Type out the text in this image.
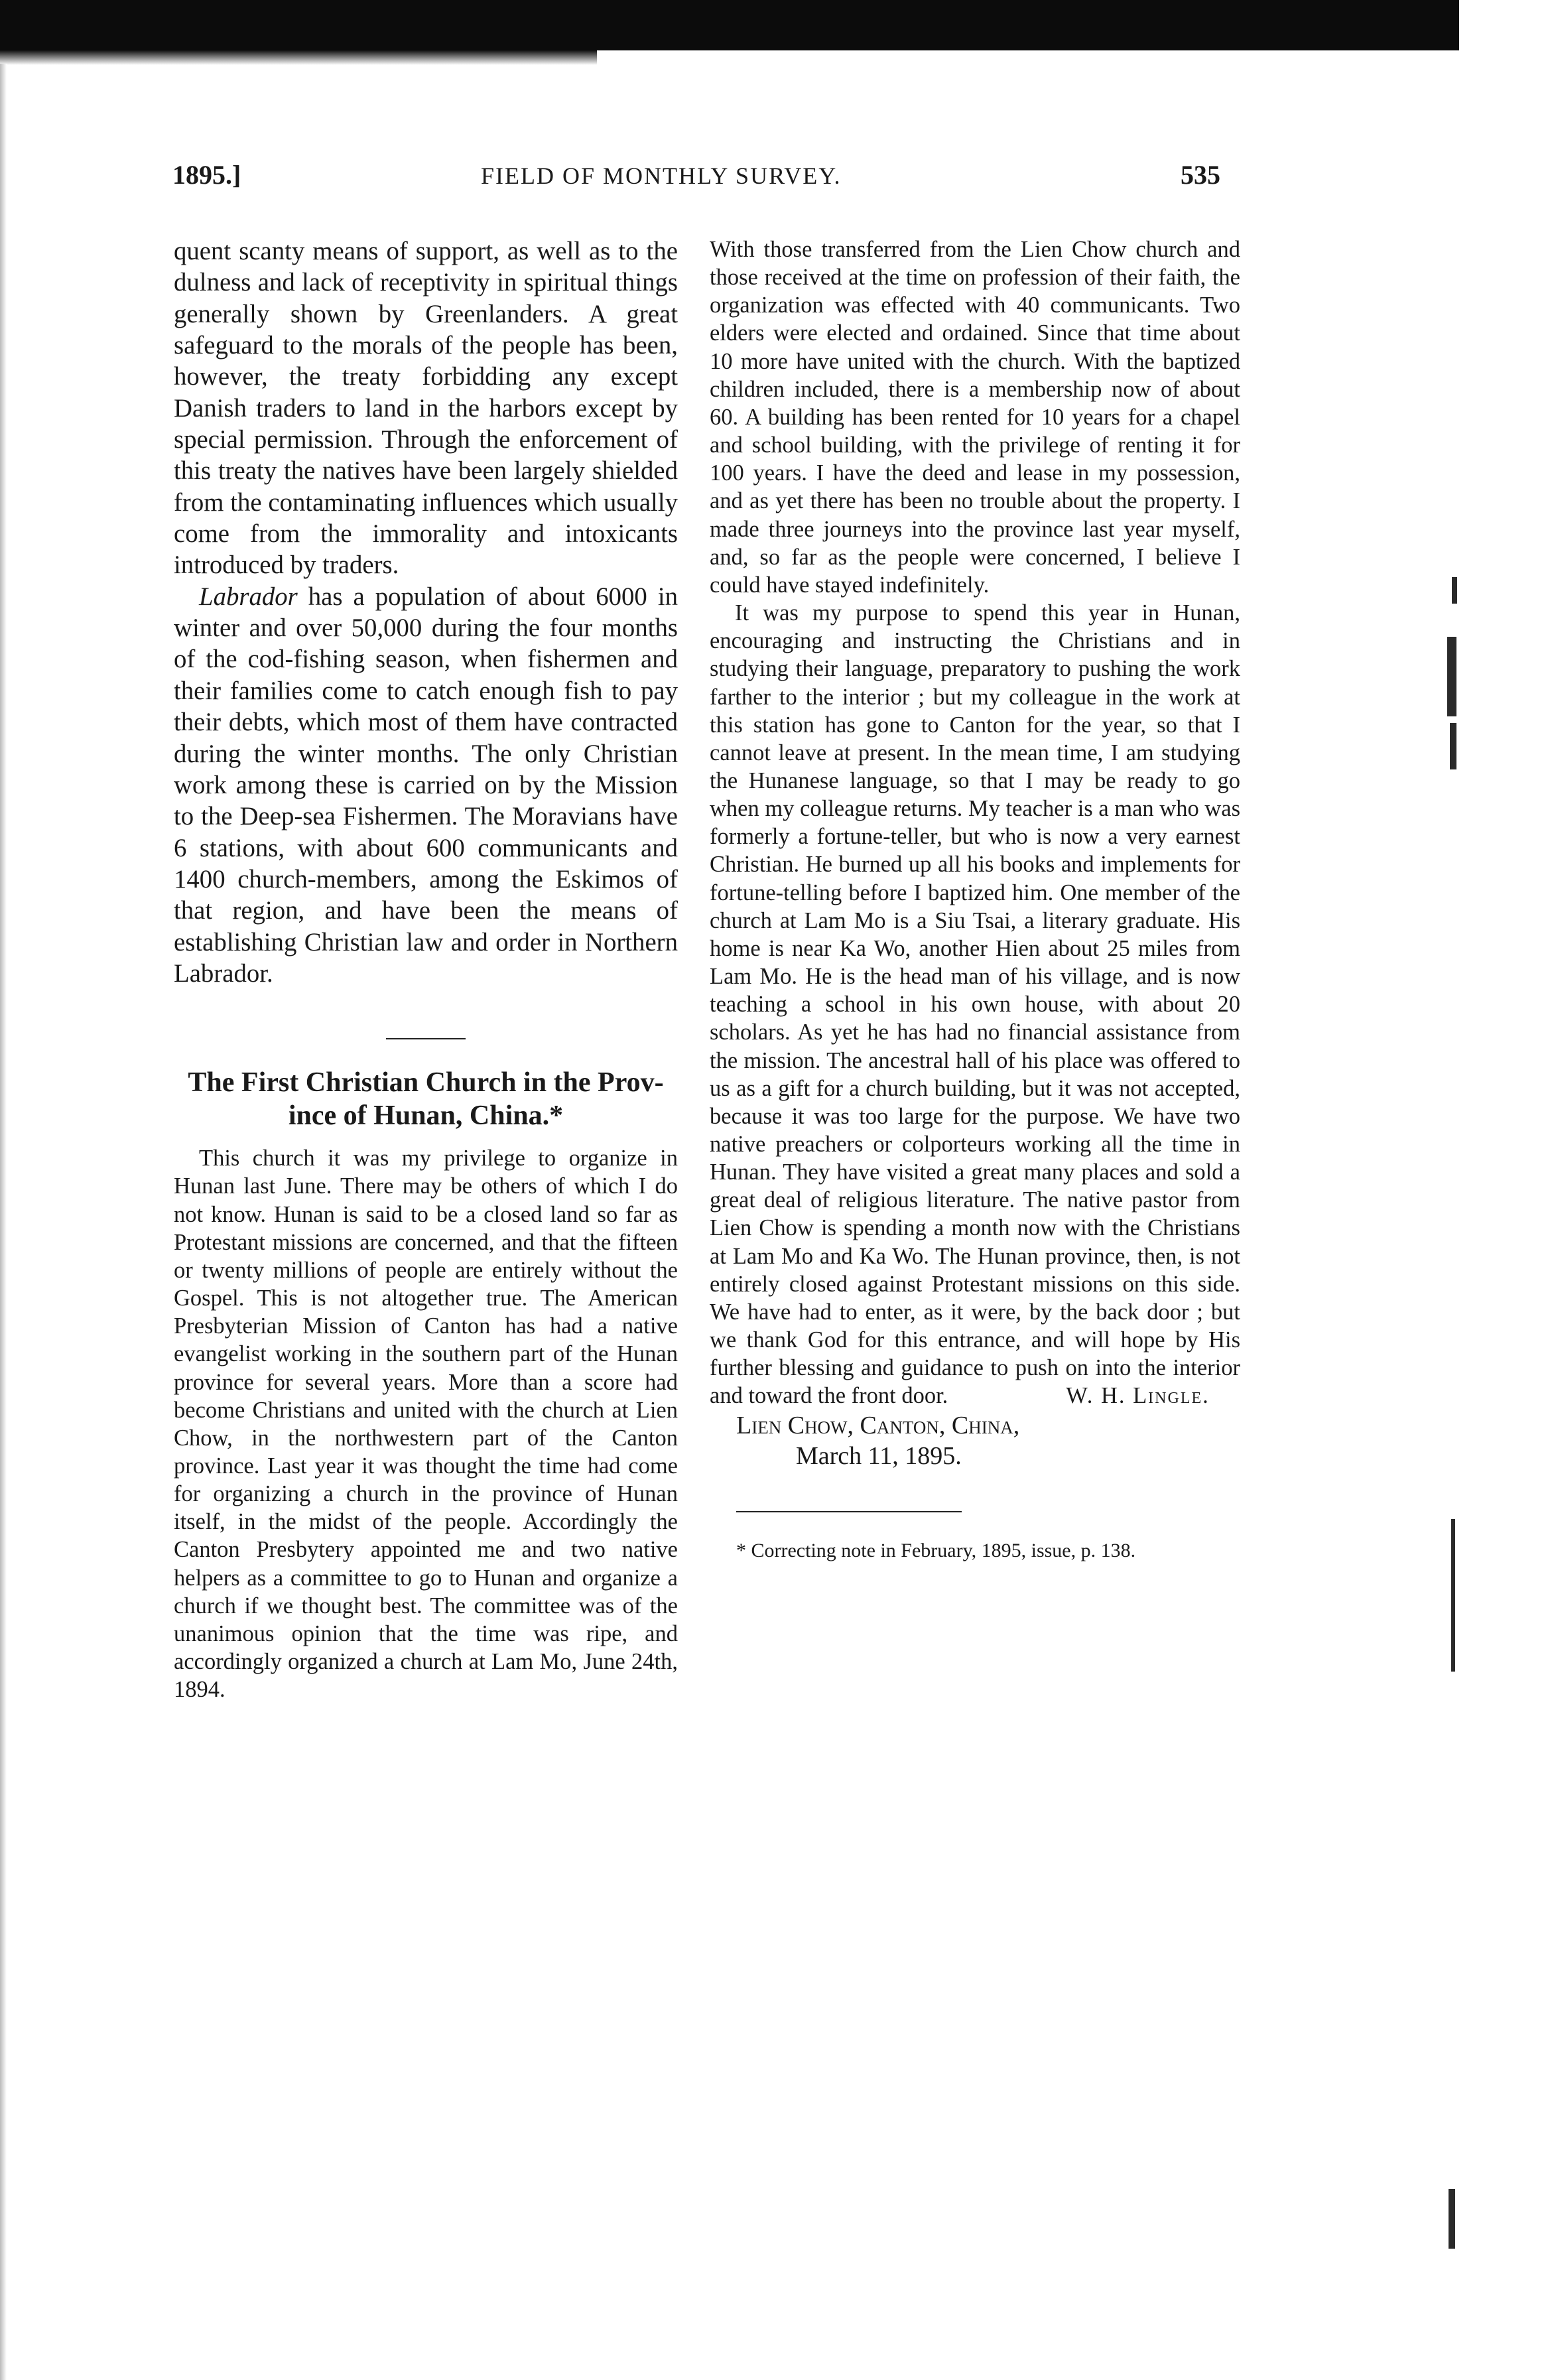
1895.]	FIELD OF MONTHLY SURVEY.	535

quent scanty means of support, as well as to the dulness and lack of receptivity in spiritual things generally shown by Greenlanders. A great safeguard to the morals of the people has been, however, the treaty forbidding any except Danish traders to land in the harbors except by special permission. Through the enforcement of this treaty the natives have been largely shielded from the contaminating influences which usually come from the immorality and intoxicants introduced by traders.

Labrador has a population of about 6000 in winter and over 50,000 during the four months of the cod-fishing season, when fishermen and their families come to catch enough fish to pay their debts, which most of them have contracted during the winter months. The only Christian work among these is carried on by the Mission to the Deep-sea Fishermen. The Moravians have 6 stations, with about 600 communicants and 1400 church-members, among the Eskimos of that region, and have been the means of establishing Christian law and order in Northern Labrador.

The First Christian Church in the Prov-
ince of Hunan, China.*

This church it was my privilege to organize in Hunan last June. There may be others of which I do not know. Hunan is said to be a closed land so far as Protestant missions are concerned, and that the fifteen or twenty millions of people are entirely without the Gospel. This is not altogether true. The American Presbyterian Mission of Canton has had a native evangelist working in the southern part of the Hunan province for several years. More than a score had become Christians and united with the church at Lien Chow, in the northwestern part of the Canton province. Last year it was thought the time had come for organizing a church in the province of Hunan itself, in the midst of the people. Accordingly the Canton Presbytery appointed me and two native helpers as a committee to go to Hunan and organize a church if we thought best. The committee was of the unanimous opinion that the time was ripe, and accordingly organized a church at Lam Mo, June 24th, 1894.

With those transferred from the Lien Chow church and those received at the time on profession of their faith, the organization was effected with 40 communicants. Two elders were elected and ordained. Since that time about 10 more have united with the church. With the baptized children included, there is a membership now of about 60. A building has been rented for 10 years for a chapel and school building, with the privilege of renting it for 100 years. I have the deed and lease in my possession, and as yet there has been no trouble about the property. I made three journeys into the province last year myself, and, so far as the people were concerned, I believe I could have stayed indefinitely.

It was my purpose to spend this year in Hunan, encouraging and instructing the Christians and in studying their language, preparatory to pushing the work farther to the interior ; but my colleague in the work at this station has gone to Canton for the year, so that I cannot leave at present. In the mean time, I am studying the Hunanese language, so that I may be ready to go when my colleague returns. My teacher is a man who was formerly a fortune-teller, but who is now a very earnest Christian. He burned up all his books and implements for fortune-telling before I baptized him. One member of the church at Lam Mo is a Siu Tsai, a literary graduate. His home is near Ka Wo, another Hien about 25 miles from Lam Mo. He is the head man of his village, and is now teaching a school in his own house, with about 20 scholars. As yet he has had no financial assistance from the mission. The ancestral hall of his place was offered to us as a gift for a church building, but it was not accepted, because it was too large for the purpose. We have two native preachers or colporteurs working all the time in Hunan. They have visited a great many places and sold a great deal of religious literature. The native pastor from Lien Chow is spending a month now with the Christians at Lam Mo and Ka Wo. The Hunan province, then, is not entirely closed against Protestant missions on this side. We have had to enter, as it were, by the back door ; but we thank God for this entrance, and will hope by His further blessing and guidance to push on into the interior and toward the front door.	W. H. Lingle.

Lien Chow, Canton, China,
March 11, 1895.

* Correcting note in February, 1895, issue, p. 138.
